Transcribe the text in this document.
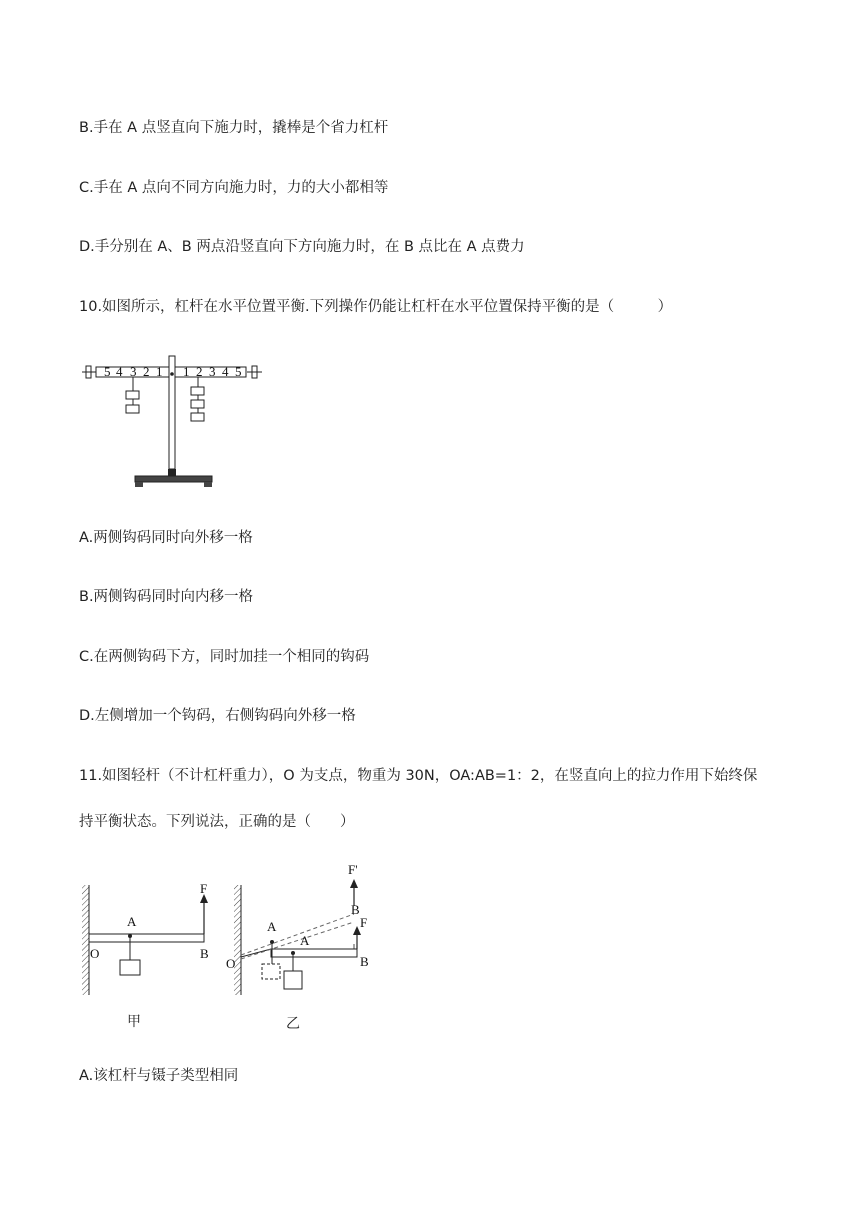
B.手在 A 点竖直向下施力时，撬棒是个省力杠杆
C.手在 A 点向不同方向施力时，力的大小都相等
D.手分别在 A、B 两点沿竖直向下方向施力时，在 B 点比在 A 点费力
10.如图所示，杠杆在水平位置平衡.下列操作仍能让杠杆在水平位置保持平衡的是（　　　）
5 4 3 2 1 1 2 3 4 5
A.两侧钩码同时向外移一格
B.两侧钩码同时向内移一格
C.在两侧钩码下方，同时加挂一个相同的钩码
D.左侧增加一个钩码，右侧钩码向外移一格
11.如图轻杆（不计杠杆重力），O 为支点，物重为 30N，OA:AB=1：2，在竖直向上的拉力作用下始终保
持平衡状态。下列说法，正确的是（　　）
F
A
O	B
甲
F'
B
F
A
A
O	B
乙
A.该杠杆与镊子类型相同
